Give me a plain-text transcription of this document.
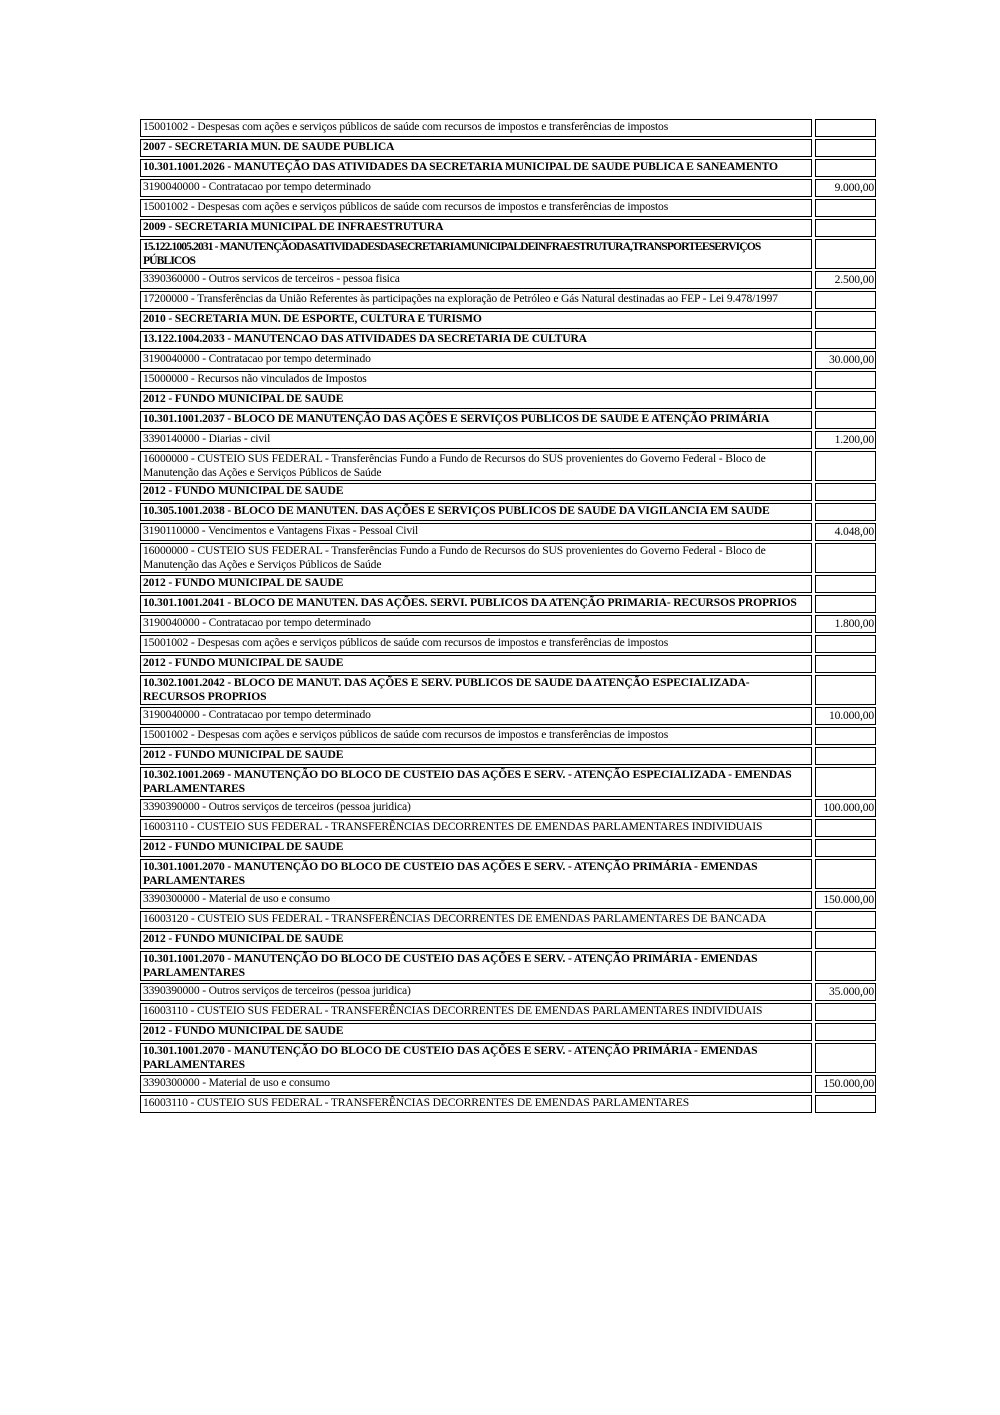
15001002 - Despesas com ações e serviços públicos de saúde com recursos de impostos e transferências de impostos
2007 - SECRETARIA MUN. DE SAUDE PUBLICA
10.301.1001.2026 - MANUTEÇÃO DAS ATIVIDADES DA SECRETARIA MUNICIPAL DE SAUDE PUBLICA E SANEAMENTO
3190040000 - Contratacao por tempo determinado	9.000,00
15001002 - Despesas com ações e serviços públicos de saúde com recursos de impostos e transferências de impostos
2009 - SECRETARIA MUNICIPAL DE INFRAESTRUTURA
15.122.1005.2031 - MANUTENÇÃODASATIVIDADESDASECRETARIAMUNICIPALDEINFRAESTRUTURA,TRANSPORTEESERVIÇOS PÚBLICOS
3390360000 - Outros servicos de terceiros - pessoa fisica	2.500,00
17200000 - Transferências da União Referentes às participações na exploração de Petróleo e Gás Natural destinadas ao FEP - Lei 9.478/1997
2010 - SECRETARIA MUN. DE ESPORTE, CULTURA E TURISMO
13.122.1004.2033 - MANUTENCAO DAS ATIVIDADES DA SECRETARIA DE CULTURA
3190040000 - Contratacao por tempo determinado	30.000,00
15000000 - Recursos não vinculados de Impostos
2012 - FUNDO MUNICIPAL DE SAUDE
10.301.1001.2037 - BLOCO DE MANUTENÇÃO DAS AÇÕES E SERVIÇOS PUBLICOS DE SAUDE E ATENÇÃO PRIMÁRIA
3390140000 - Diarias - civil	1.200,00
16000000 - CUSTEIO SUS FEDERAL - Transferências Fundo a Fundo de Recursos do SUS provenientes do Governo Federal - Bloco de Manutenção das Ações e Serviços Públicos de Saúde
2012 - FUNDO MUNICIPAL DE SAUDE
10.305.1001.2038 - BLOCO DE MANUTEN. DAS AÇÕES E SERVIÇOS PUBLICOS DE SAUDE DA VIGILANCIA EM SAUDE
3190110000 - Vencimentos e Vantagens Fixas - Pessoal Civil	4.048,00
16000000 - CUSTEIO SUS FEDERAL - Transferências Fundo a Fundo de Recursos do SUS provenientes do Governo Federal - Bloco de Manutenção das Ações e Serviços Públicos de Saúde
2012 - FUNDO MUNICIPAL DE SAUDE
10.301.1001.2041 - BLOCO DE MANUTEN. DAS AÇÕES. SERVI. PUBLICOS DA ATENÇÃO PRIMARIA- RECURSOS PROPRIOS
3190040000 - Contratacao por tempo determinado	1.800,00
15001002 - Despesas com ações e serviços públicos de saúde com recursos de impostos e transferências de impostos
2012 - FUNDO MUNICIPAL DE SAUDE
10.302.1001.2042 - BLOCO DE MANUT. DAS AÇÕES E SERV. PUBLICOS DE SAUDE DA ATENÇÃO ESPECIALIZADA- RECURSOS PROPRIOS
3190040000 - Contratacao por tempo determinado	10.000,00
15001002 - Despesas com ações e serviços públicos de saúde com recursos de impostos e transferências de impostos
2012 - FUNDO MUNICIPAL DE SAUDE
10.302.1001.2069 - MANUTENÇÃO DO BLOCO DE CUSTEIO DAS AÇÕES E SERV. - ATENÇÃO ESPECIALIZADA - EMENDAS PARLAMENTARES
3390390000 - Outros serviços de terceiros (pessoa juridica)	100.000,00
16003110 - CUSTEIO SUS FEDERAL - TRANSFERÊNCIAS DECORRENTES DE EMENDAS PARLAMENTARES INDIVIDUAIS
2012 - FUNDO MUNICIPAL DE SAUDE
10.301.1001.2070 - MANUTENÇÃO DO BLOCO DE CUSTEIO DAS AÇÕES E SERV. - ATENÇÃO PRIMÁRIA - EMENDAS PARLAMENTARES
3390300000 - Material de uso e consumo	150.000,00
16003120 - CUSTEIO SUS FEDERAL - TRANSFERÊNCIAS DECORRENTES DE EMENDAS PARLAMENTARES DE BANCADA
2012 - FUNDO MUNICIPAL DE SAUDE
10.301.1001.2070 - MANUTENÇÃO DO BLOCO DE CUSTEIO DAS AÇÕES E SERV. - ATENÇÃO PRIMÁRIA - EMENDAS PARLAMENTARES
3390390000 - Outros serviços de terceiros (pessoa juridica)	35.000,00
16003110 - CUSTEIO SUS FEDERAL - TRANSFERÊNCIAS DECORRENTES DE EMENDAS PARLAMENTARES INDIVIDUAIS
2012 - FUNDO MUNICIPAL DE SAUDE
10.301.1001.2070 - MANUTENÇÃO DO BLOCO DE CUSTEIO DAS AÇÕES E SERV. - ATENÇÃO PRIMÁRIA - EMENDAS PARLAMENTARES
3390300000 - Material de uso e consumo	150.000,00
16003110 - CUSTEIO SUS FEDERAL - TRANSFERÊNCIAS DECORRENTES DE EMENDAS PARLAMENTARES
